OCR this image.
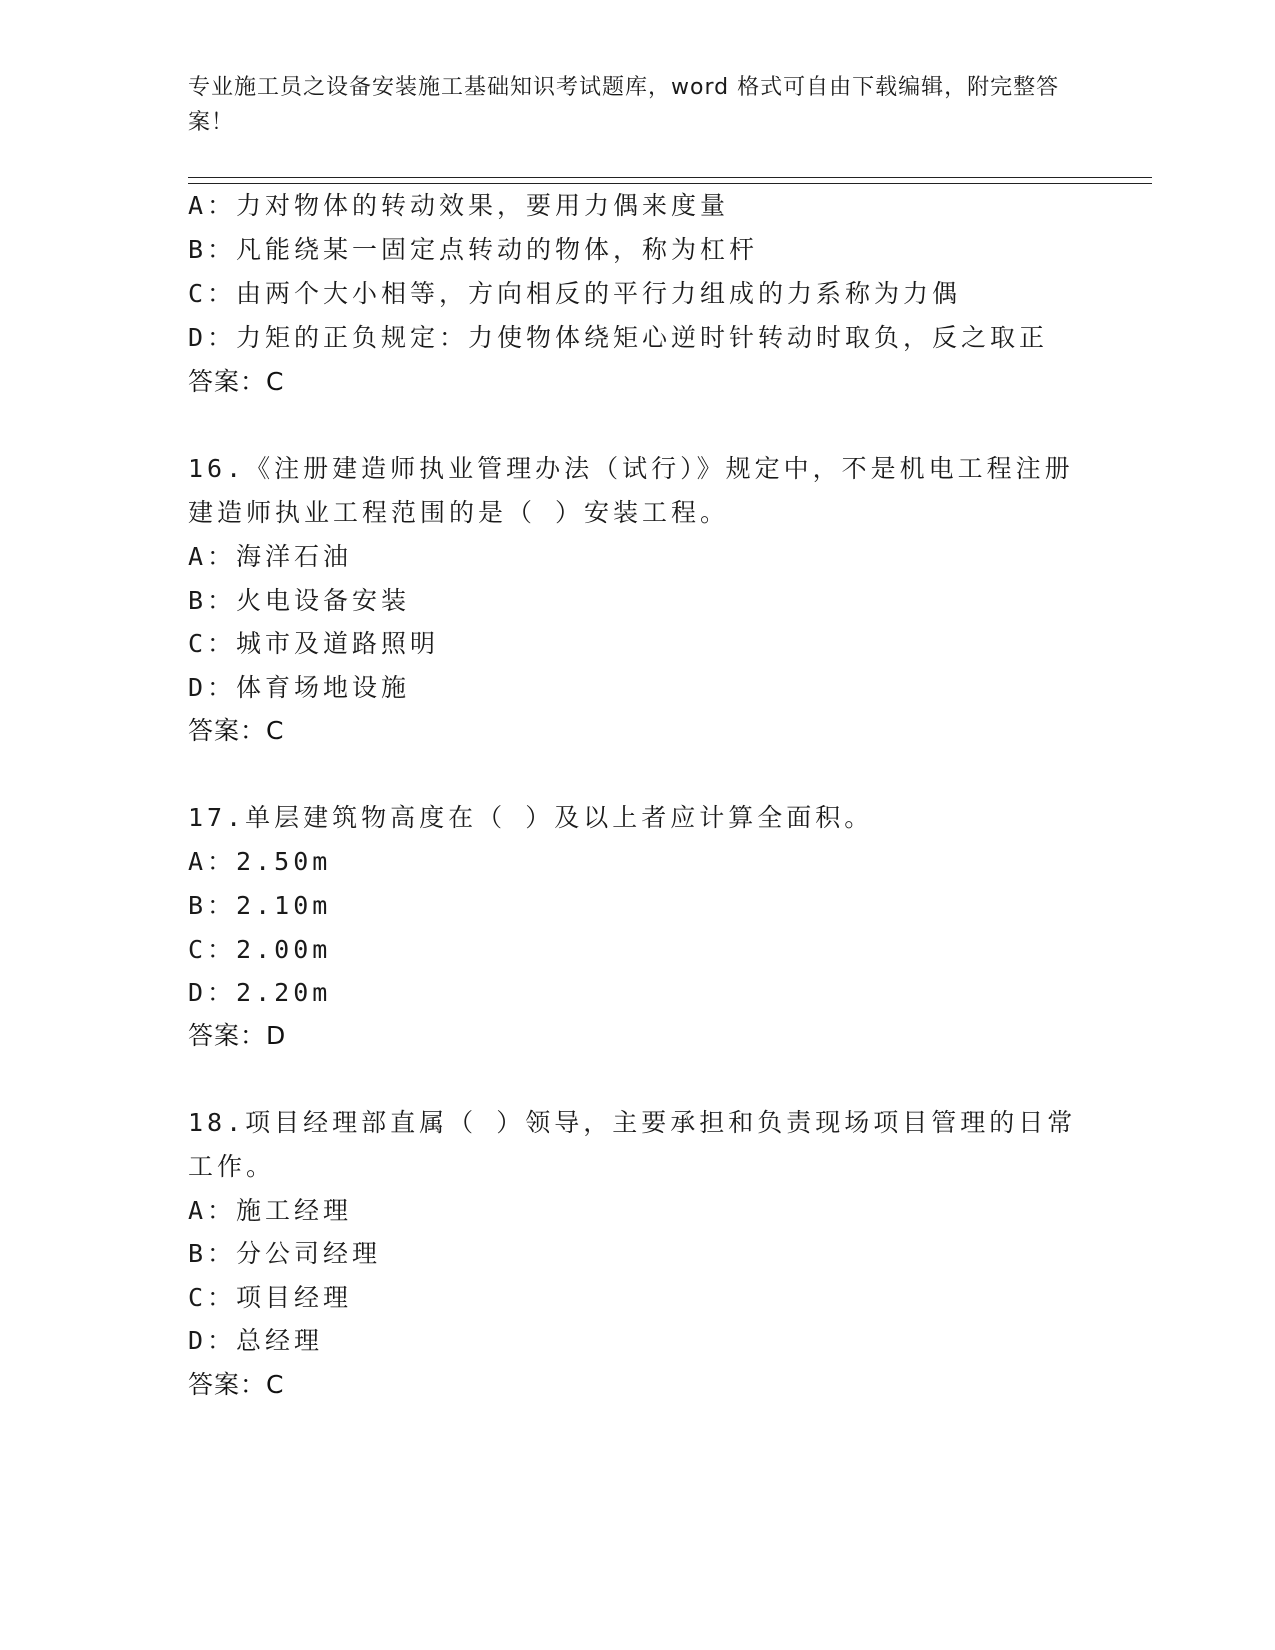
专业施工员之设备安装施工基础知识考试题库，word 格式可自由下载编辑，附完整答案！
A：力对物体的转动效果，要用力偶来度量
B：凡能绕某一固定点转动的物体，称为杠杆
C：由两个大小相等，方向相反的平行力组成的力系称为力偶
D：力矩的正负规定：力使物体绕矩心逆时针转动时取负，反之取正
答案：C
16.《注册建造师执业管理办法（试行）》规定中，不是机电工程注册
建造师执业工程范围的是（ ）安装工程。
A：海洋石油
B：火电设备安装
C：城市及道路照明
D：体育场地设施
答案：C
17.单层建筑物高度在（ ）及以上者应计算全面积。
A：2.50m
B：2.10m
C：2.00m
D：2.20m
答案：D
18.项目经理部直属（ ）领导，主要承担和负责现场项目管理的日常
工作。
A：施工经理
B：分公司经理
C：项目经理
D：总经理
答案：C
